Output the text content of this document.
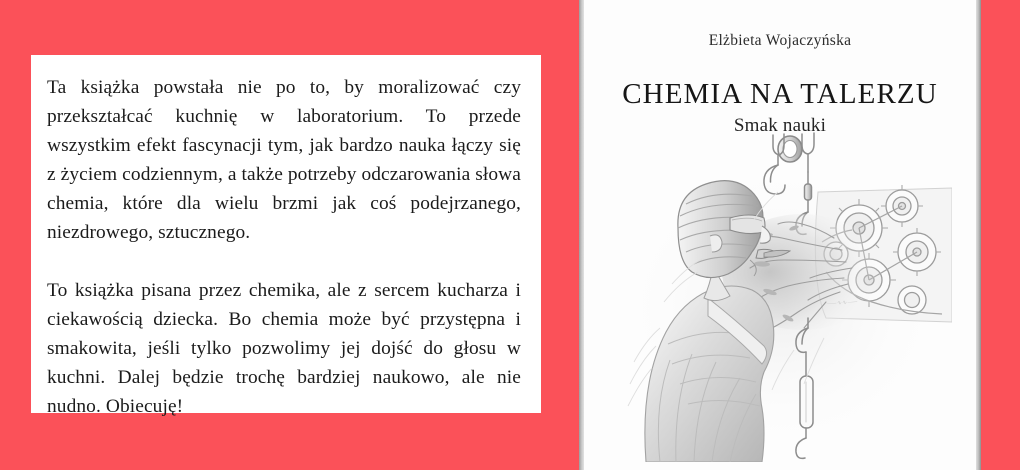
Ta książka powstała nie po to, by moralizować czy przekształcać kuchnię w laboratorium. To przede wszystkim efekt fascynacji tym, jak bardzo nauka łączy się z życiem codziennym, a także potrzeby odczarowania słowa chemia, które dla wielu brzmi jak coś podejrzanego, niezdrowego, sztucznego.

To książka pisana przez chemika, ale z sercem kucharza i ciekawością dziecka. Bo chemia może być przystępna i smakowita, jeśli tylko pozwolimy jej dojść do głosu w kuchni. Dalej będzie trochę bardziej naukowo, ale nie nudno. Obiecuję!

Elżbieta Wojaczyńska
CHEMIA NA TALERZU
Smak nauki
⸺∿∿⸺
